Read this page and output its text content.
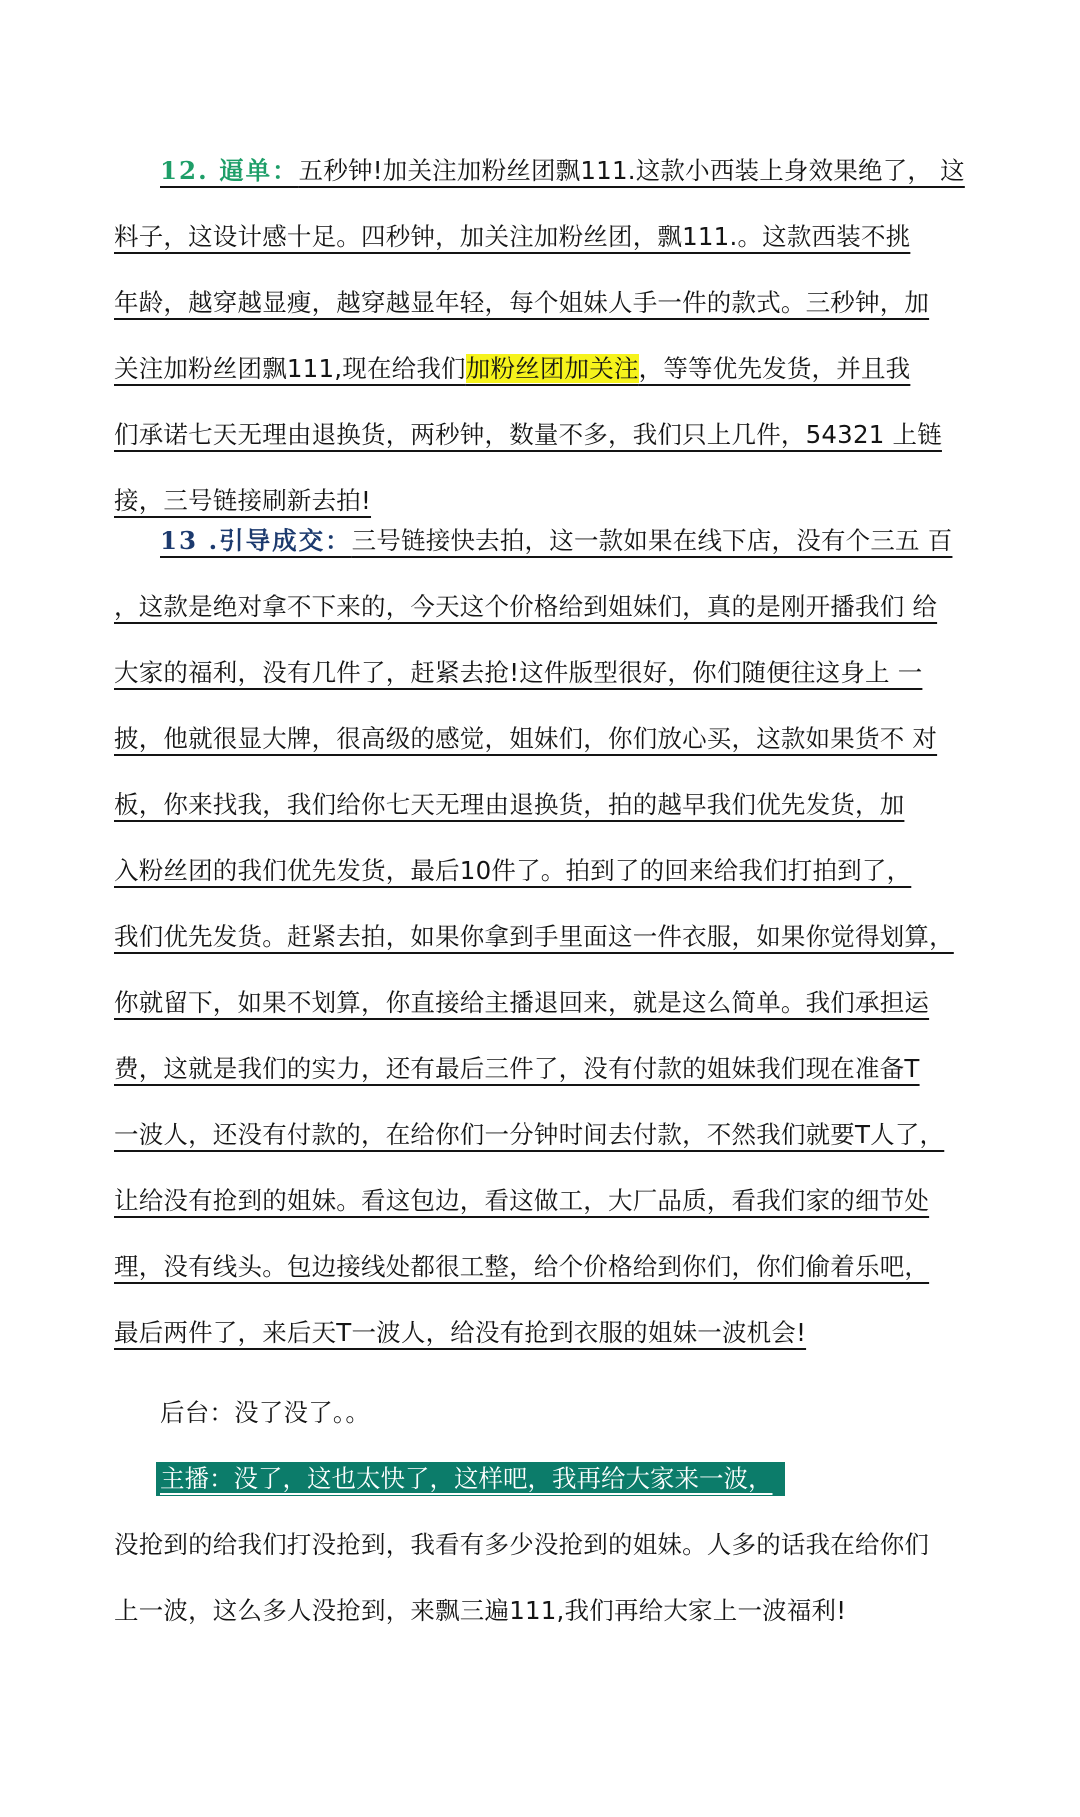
12. 逼单：五秒钟!加关注加粉丝团飘111.这款小西装上身效果绝了， 这
料子，这设计感十足。四秒钟，加关注加粉丝团，飘111.。这款西装不挑
年龄，越穿越显瘦，越穿越显年轻，每个姐妹人手一件的款式。三秒钟，加
关注加粉丝团飘111,现在给我们加粉丝团加关注，等等优先发货，并且我
们承诺七天无理由退换货，两秒钟，数量不多，我们只上几件，54321 上链
接，三号链接刷新去拍!
13 .引导成交：三号链接快去拍，这一款如果在线下店，没有个三五 百
，这款是绝对拿不下来的，今天这个价格给到姐妹们，真的是刚开播我们 给
大家的福利，没有几件了，赶紧去抢!这件版型很好，你们随便往这身上 一
披，他就很显大牌，很高级的感觉，姐妹们，你们放心买，这款如果货不 对
板，你来找我，我们给你七天无理由退换货，拍的越早我们优先发货，加
入粉丝团的我们优先发货，最后10件了。拍到了的回来给我们打拍到了，
我们优先发货。赶紧去拍，如果你拿到手里面这一件衣服，如果你觉得划算，
你就留下，如果不划算，你直接给主播退回来，就是这么简单。我们承担运
费，这就是我们的实力，还有最后三件了，没有付款的姐妹我们现在准备T
一波人，还没有付款的，在给你们一分钟时间去付款，不然我们就要T人了，
让给没有抢到的姐妹。看这包边，看这做工，大厂品质，看我们家的细节处
理，没有线头。包边接线处都很工整，给个价格给到你们，你们偷着乐吧，
最后两件了，来后天T一波人，给没有抢到衣服的姐妹一波机会!
后台：没了没了。。
主播：没了，这也太快了，这样吧，我再给大家来一波，
没抢到的给我们打没抢到，我看有多少没抢到的姐妹。人多的话我在给你们
上一波，这么多人没抢到，来飘三遍111,我们再给大家上一波福利!
